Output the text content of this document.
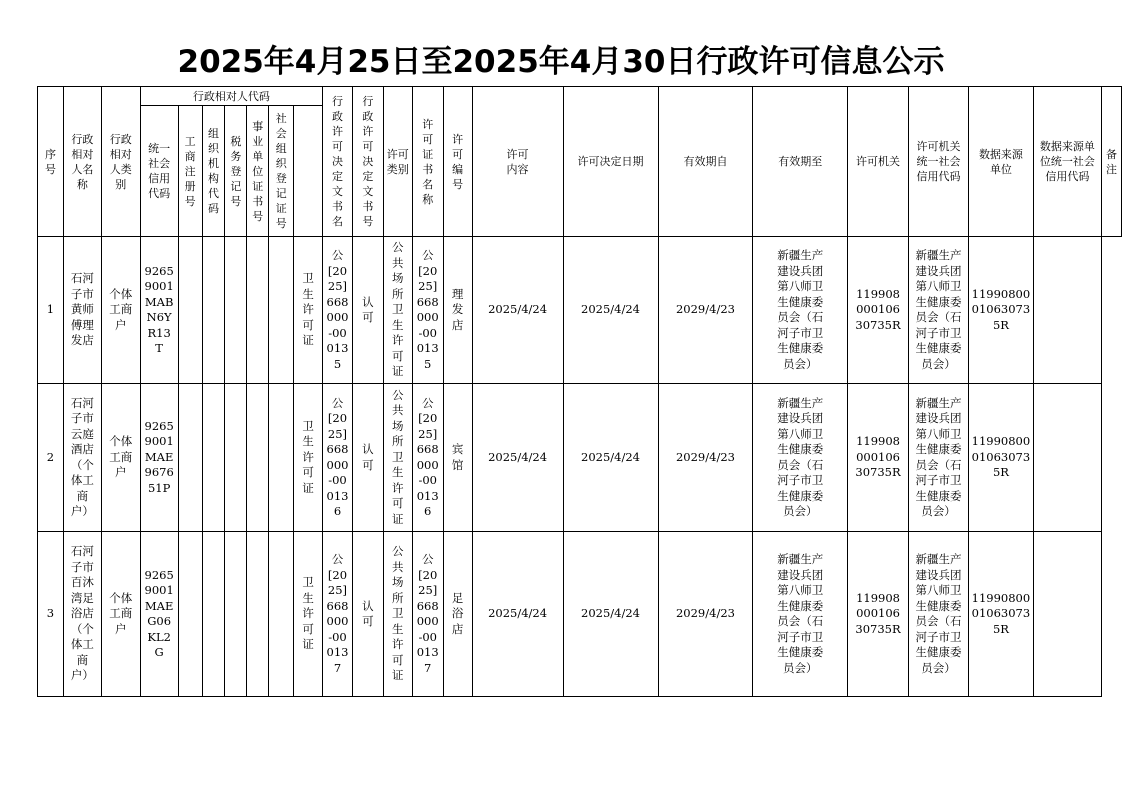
2025年4月25日至2025年4月30日行政许可信息公示
序号	行政相对人名称	行政相对人类别	行政相对人代码							行政许可决定文书名	行政许可决定文书号	许可类别	许可证书名称	许可编号	许可内容	许可决定日期	有效期自	有效期至	许可机关	许可机关统一社会信用代码	数据来源单位	数据来源单位统一社会信用代码	备注

			统一社会信用代码	工商注册号	组织机构代码	税务登记号	事业单位证书号	社会组织登记证号															

1	石河子市黄师傅理发店	个体工商户	92659001MABN6YR13T						卫生许可证	公[2025]668000-000135	认可	公共场所卫生许可证	公[2025]668000-000135	理发店	2025/4/24	2025/4/24	2029/4/23	新疆生产建设兵团第八师卫生健康委员会（石河子市卫生健康委员会）	11990800010630735R	新疆生产建设兵团第八师卫生健康委员会（石河子市卫生健康委员会）	11990800010630735R		

2	石河子市云庭酒店（个体工商户）	个体工商户	92659001MAE967651P						卫生许可证	公[2025]668000-000136	认可	公共场所卫生许可证	公[2025]668000-000136	宾馆	2025/4/24	2025/4/24	2029/4/23	新疆生产建设兵团第八师卫生健康委员会（石河子市卫生健康委员会）	11990800010630735R	新疆生产建设兵团第八师卫生健康委员会（石河子市卫生健康委员会）	11990800010630735R		

3	石河子市百沐湾足浴店（个体工商户）	个体工商户	92659001MAEG06KL2G						卫生许可证	公[2025]668000-000137	认可	公共场所卫生许可证	公[2025]668000-000137	足浴店	2025/4/24	2025/4/24	2029/4/23	新疆生产建设兵团第八师卫生健康委员会（石河子市卫生健康委员会）	11990800010630735R	新疆生产建设兵团第八师卫生健康委员会（石河子市卫生健康委员会）	11990800010630735R		
